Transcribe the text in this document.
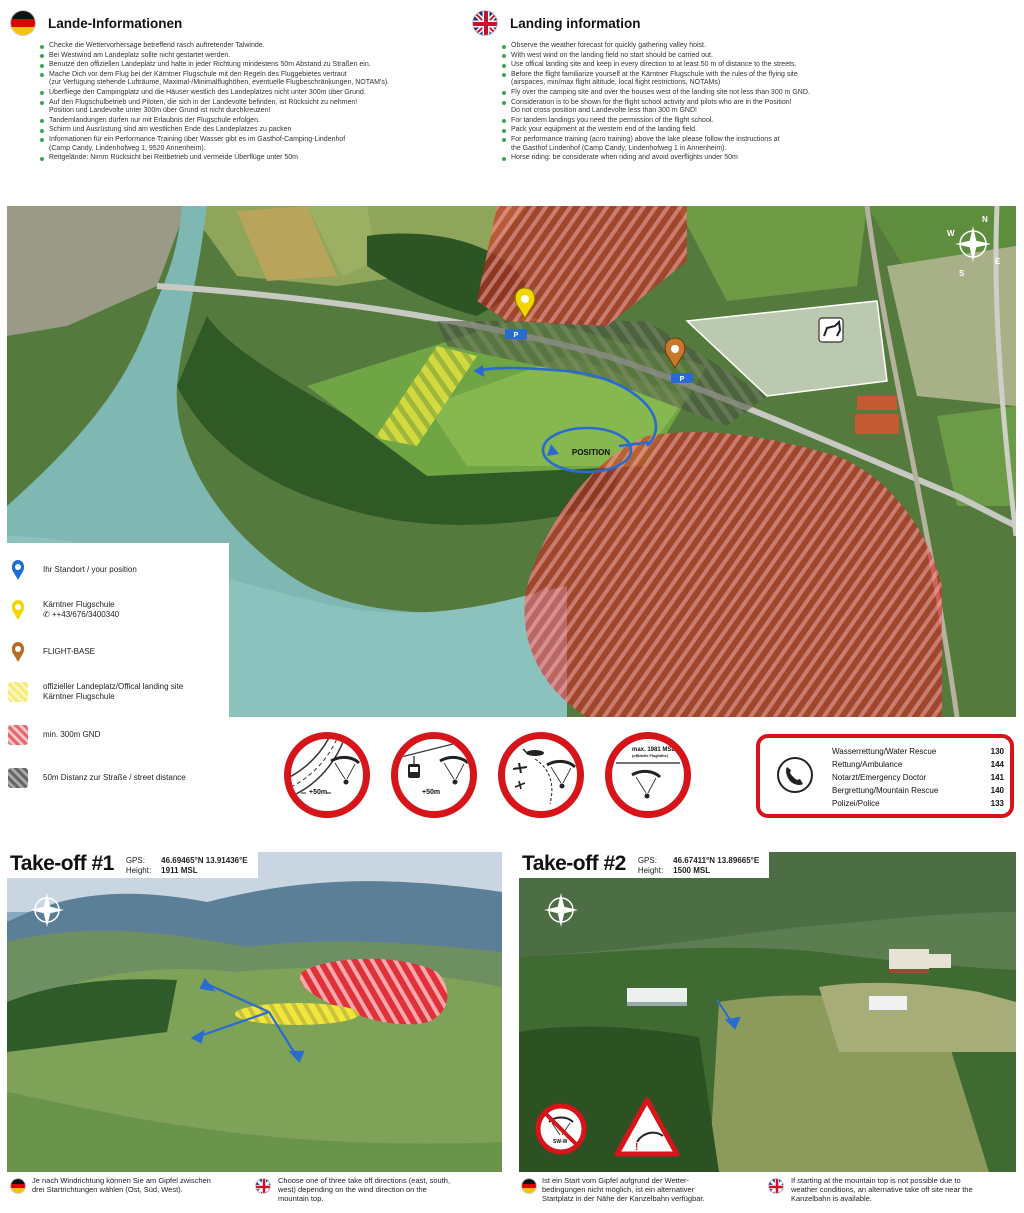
Lande-Informationen
Checke die Wettervorhersage betreffend rasch auftretender Talwinde.
Bei Westwind am Landeplatz sollte nicht gestartet werden.
Benutze den offiziellen Landeplatz und halte in jeder Richtung mindestens 50m Abstand zu Straßen ein.
Mache Dich vor dem Flug bei der Kärntner Flugschule mit den Regeln des Fluggebietes vertraut
(zur Verfügung stehende Lufträume, Maximal-/Minimalflughöhen, eventuelle Flugbeschränkungen, NOTAM's).
Überfliege den Campingplatz und die Häuser westlich des Landeplatzes nicht unter 300m über Grund.
Auf den Flugschulbetrieb und Piloten, die sich in der Landevolte befinden, ist Rücksicht zu nehmen!
Position und Landevolte unter 300m über Grund ist nicht durchkreuzen!
Tandemlandungen dürfen nur mit Erlaubnis der Flugschule erfolgen.
Schirm und Ausrüstung sind am westlichen Ende des Landeplatzes zu packen
Informationen für ein Performance Training über Wasser gibt es im Gasthof-Camping-Lindenhof
(Camp Candy, Lindenhofweg 1, 9520 Annenheim).
Reitgelände: Nimm Rücksicht bei Reitbetrieb und vermeide Überflüge unter 50m
Landing information
Observe the weather forecast for quickly gathering valley hoist.
With west wind on the landing field no start should be carried out.
Use offical landing site and keep in every direction to at least 50 m of distance to the streets.
Before the flight familiarize yourself at the Kärntner Flugschule with the rules of the flying site
(airspaces, min/max flight altitude, local flight restrictions, NOTAMs)
Fly over the camping site and over the houses west of the landing site not less than 300 m GND.
Consideration is to be shown for the flight school activity and pilots who are in the Position!
Do not cross position and Landevolte less than 300 m GND!
For tandem landings you need the permission of the flight school.
Pack your equipment at the western end of the landing field.
For performance training (acro training) above the lake please follow the instructions at
the Gasthof Lindenhof (Camp Candy, Lindenhofweg 1 in Annenheim).
Horse riding: be considerate when riding and avoid overflights under 50m
POSITION
P
P
N
E
S
W
Ihr Standort / your position
Kärntner Flugschule
✆ ++43/676/3400340
FLIGHT-BASE
offizieller Landeplatz/Offical landing site
Kärntner Flugschule
min. 300m GND
50m Distanz zur Straße / street distance
+50m	+50m
max. 1981 MSL
(offizielle Flughöhe)	Wasserrettung/Water Rescue	130
Rettung/Ambulance	144
Notarzt/Emergency Doctor	141
Bergrettung/Mountain Rescue	140
Polizei/Police	133
Take-off #1 GPS:	46.69465°N 13.91436°E
Height: 1911 MSL
!
SW-W
Take-off #2 GPS:	46.67411°N 13.89665°E
Height: 1500 MSL
Je nach Windrichtung können Sie am Gipfel zwischen
drei Startrichtungen wählen (Ost, Süd, West).
Choose one of three take off directions (east, south,
west) depending on the wind direction on the
mountain top.
Ist ein Start vom Gipfel aufgrund der Wetter-
bedingungen nicht möglich, ist ein alternativer
Startplatz in der Nähe der Kanzelbahn verfügbar.
If starting at the mountain top is not possible due to
weather conditions, an alternative take off site near the
Kanzelbahn is available.
